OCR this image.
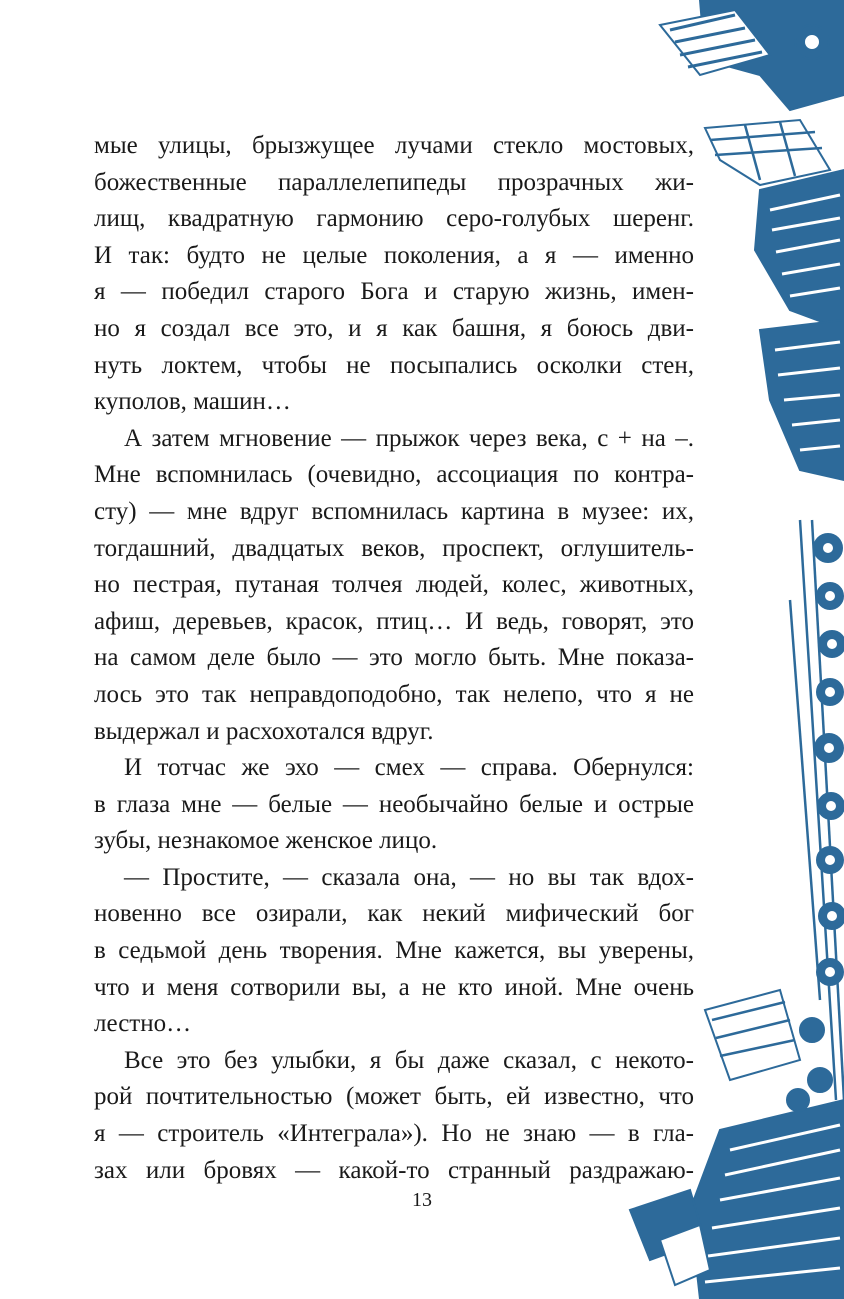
мые улицы, брызжущее лучами стекло мостовых,
божественные параллелепипеды прозрачных жи-
лищ, квадратную гармонию серо-голубых шеренг.
И так: будто не целые поколения, а я — именно
я — победил старого Бога и старую жизнь, имен-
но я создал все это, и я как башня, я боюсь дви-
нуть локтем, чтобы не посыпались осколки стен,
куполов, машин…
А затем мгновение — прыжок через века, с + на –.
Мне вспомнилась (очевидно, ассоциация по контра-
сту) — мне вдруг вспомнилась картина в музее: их,
тогдашний, двадцатых веков, проспект, оглушитель-
но пестрая, путаная толчея людей, колес, животных,
афиш, деревьев, красок, птиц… И ведь, говорят, это
на самом деле было — это могло быть. Мне показа-
лось это так неправдоподобно, так нелепо, что я не
выдержал и расхохотался вдруг.
И тотчас же эхо — смех — справа. Обернулся:
в глаза мне — белые — необычайно белые и острые
зубы, незнакомое женское лицо.
— Простите, — сказала она, — но вы так вдох-
новенно все озирали, как некий мифический бог
в седьмой день творения. Мне кажется, вы уверены,
что и меня сотворили вы, а не кто иной. Мне очень
лестно…
Все это без улыбки, я бы даже сказал, с некото-
рой почтительностью (может быть, ей известно, что
я — строитель «Интеграла»). Но не знаю — в гла-
зах или бровях — какой-то странный раздражаю-
13
